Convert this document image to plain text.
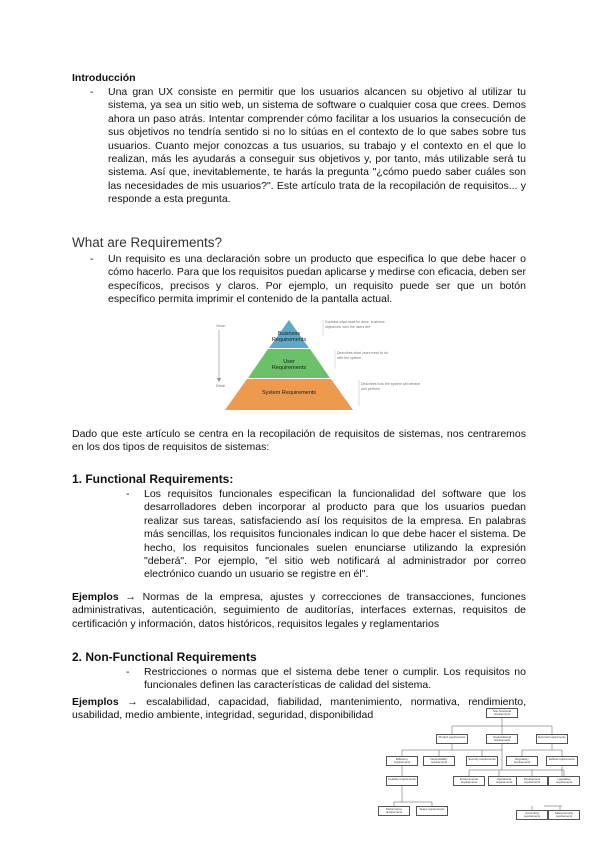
Introducción
- Una gran UX consiste en permitir que los usuarios alcancen su objetivo al utilizar tu sistema, ya sea un sitio web, un sistema de software o cualquier cosa que crees. Demos ahora un paso atrás. Intentar comprender cómo facilitar a los usuarios la consecución de sus objetivos no tendría sentido si no lo sitúas en el contexto de lo que sabes sobre tus usuarios. Cuanto mejor conozcas a tus usuarios, su trabajo y el contexto en el que lo realizan, más les ayudarás a conseguir sus objetivos y, por tanto, más utilizable será tu sistema. Así que, inevitablemente, te harás la pregunta "¿cómo puedo saber cuáles son las necesidades de mis usuarios?". Este artículo trata de la recopilación de requisitos... y responde a esta pregunta.
What are Requirements?
- Un requisito es una declaración sobre un producto que especifica lo que debe hacer o cómo hacerlo. Para que los requisitos puedan aplicarse y medirse con eficacia, deben ser específicos, precisos y claros. Por ejemplo, un requisito puede ser que un botón específico permita imprimir el contenido de la pantalla actual.
Vision
Detail
Business Requirements
User Requirements
System Requirements
Explains what must be done, business objectives, who the users are
Describes what users need to do with the system
Describes how the system will behave and perform
Dado que este artículo se centra en la recopilación de requisitos de sistemas, nos centraremos en los dos tipos de requisitos de sistemas:
1. Functional Requirements:
- Los requisitos funcionales especifican la funcionalidad del software que los desarrolladores deben incorporar al producto para que los usuarios puedan realizar sus tareas, satisfaciendo así los requisitos de la empresa. En palabras más sencillas, los requisitos funcionales indican lo que debe hacer el sistema. De hecho, los requisitos funcionales suelen enunciarse utilizando la expresión "deberá". Por ejemplo, "el sitio web notificará al administrador por correo electrónico cuando un usuario se registre en él".
Ejemplos → Normas de la empresa, ajustes y correcciones de transacciones, funciones administrativas, autenticación, seguimiento de auditorías, interfaces externas, requisitos de certificación y información, datos históricos, requisitos legales y reglamentarios
2. Non-Functional Requirements
- Restricciones o normas que el sistema debe tener o cumplir. Los requisitos no funcionales definen las características de calidad del sistema.
Ejemplos → escalabilidad, capacidad, fiabilidad, mantenimiento, normativa, rendimiento, usabilidad, medio ambiente, integridad, seguridad, disponibilidad	Non-functional requirements
Product requirements	Organizational requirements
External requirements
Efficiency requirements
Dependability requirements
Security requirements	Regulatory requirements
Ethical requirements
Usability requirements	Environmental requirements
Operational requirements
Development requirements
Legislative requirements
Performance requirements
Space requirements
Accounting requirements
Safety/security requirements
